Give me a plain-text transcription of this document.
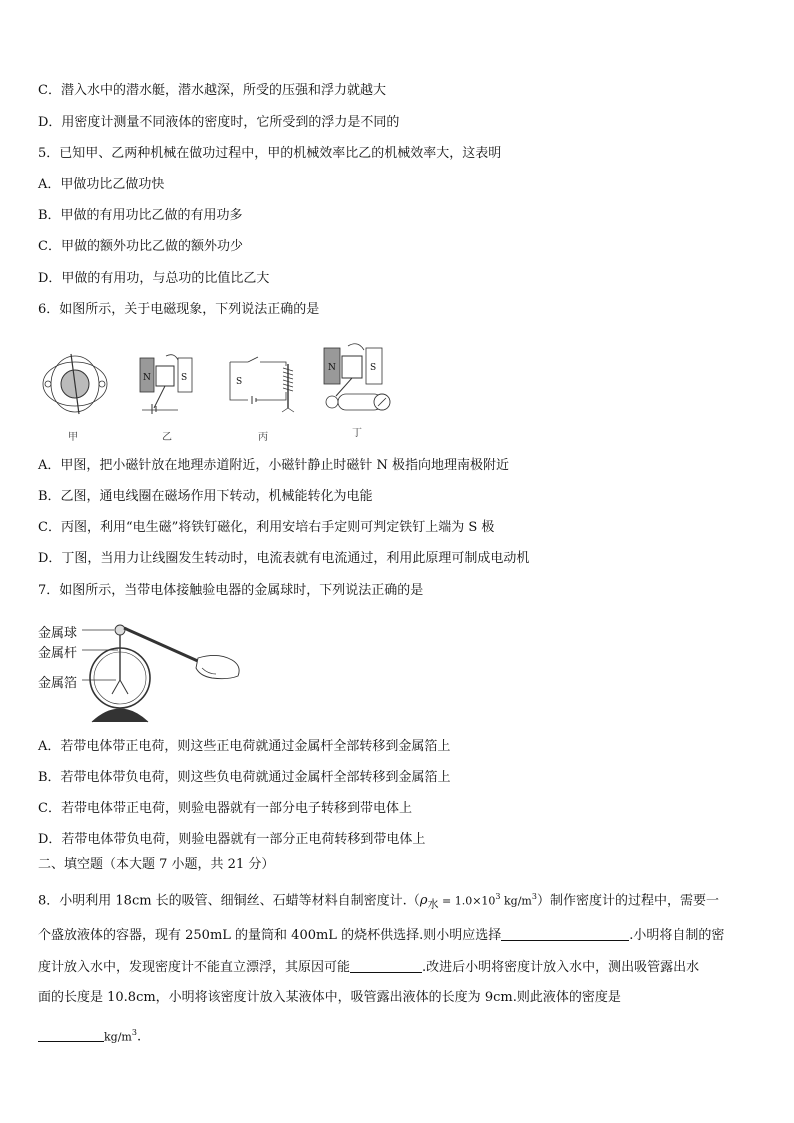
C．潜入水中的潜水艇，潜水越深，所受的压强和浮力就越大
D．用密度计测量不同液体的密度时，它所受到的浮力是不同的
5．已知甲、乙两种机械在做功过程中，甲的机械效率比乙的机械效率大，这表明
A．甲做功比乙做功快
B．甲做的有用功比乙做的有用功多
C．甲做的额外功比乙做的额外功少
D．甲做的有用功，与总功的比值比乙大
6．如图所示，关于电磁现象，下列说法正确的是
甲
N	S
乙
S
丙
N	S
丁
A．甲图，把小磁针放在地理赤道附近，小磁针静止时磁针 N 极指向地理南极附近
B．乙图，通电线圈在磁场作用下转动，机械能转化为电能
C．丙图，利用“电生磁”将铁钉磁化，利用安培右手定则可判定铁钉上端为 S 极
D．丁图，当用力让线圈发生转动时，电流表就有电流通过，利用此原理可制成电动机
7．如图所示，当带电体接触验电器的金属球时，下列说法正确的是
金属球
金属杆
金属箔
A．若带电体带正电荷，则这些正电荷就通过金属杆全部转移到金属箔上
B．若带电体带负电荷，则这些负电荷就通过金属杆全部转移到金属箔上
C．若带电体带正电荷，则验电器就有一部分电子转移到带电体上
D．若带电体带负电荷，则验电器就有一部分正电荷转移到带电体上
二、填空题（本大题 7 小题，共 21 分）
8．小明利用 18cm 长的吸管、细铜丝、石蜡等材料自制密度计$.(\rho_水 = 1.0\times 10^3$ $kg/m^3$）制作密度计的过程中，需要一
个盛放液体的容器，现有 250mL 的量筒和 400mL 的烧杯供选择.则小明应选择	.小明将自制的密
度计放入水中，发现密度计不能直立漂浮，其原因可能	.改进后小明将密度计放入水中，测出吸管露出水
面的长度是 10.8cm，小明将该密度计放入某液体中，吸管露出液体的长度为 9cm.则此液体的密度是
$kg/m^3$.
